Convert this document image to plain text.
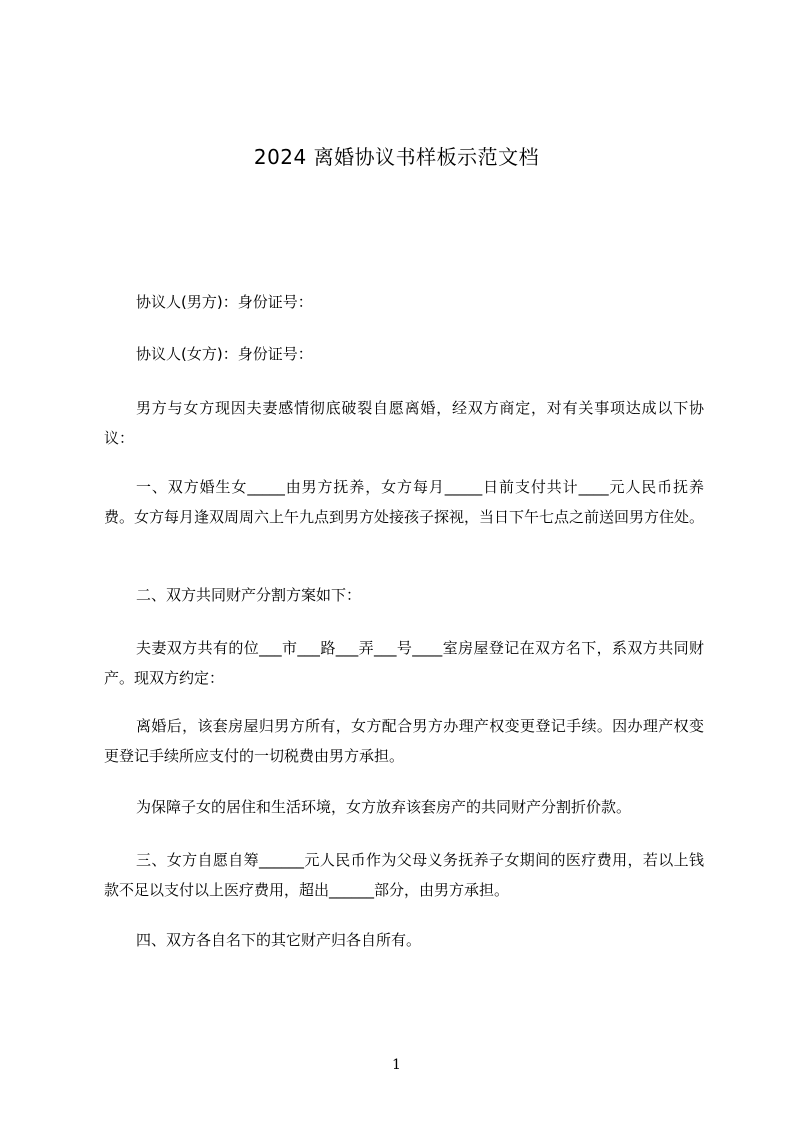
2024 离婚协议书样板示范文档
协议人(男方)：身份证号：
协议人(女方)：身份证号：
男方与女方现因夫妻感情彻底破裂自愿离婚，经双方商定，对有关事项达成以下协议：
一、双方婚生女_____由男方抚养，女方每月_____日前支付共计____元人民币抚养费。女方每月逢双周周六上午九点到男方处接孩子探视，当日下午七点之前送回男方住处。
二、双方共同财产分割方案如下：
夫妻双方共有的位___市___路___弄___号____室房屋登记在双方名下，系双方共同财产。现双方约定：
离婚后，该套房屋归男方所有，女方配合男方办理产权变更登记手续。因办理产权变更登记手续所应支付的一切税费由男方承担。
为保障子女的居住和生活环境，女方放弃该套房产的共同财产分割折价款。
三、女方自愿自筹______元人民币作为父母义务抚养子女期间的医疗费用，若以上钱款不足以支付以上医疗费用，超出______部分，由男方承担。
四、双方各自名下的其它财产归各自所有。
1
